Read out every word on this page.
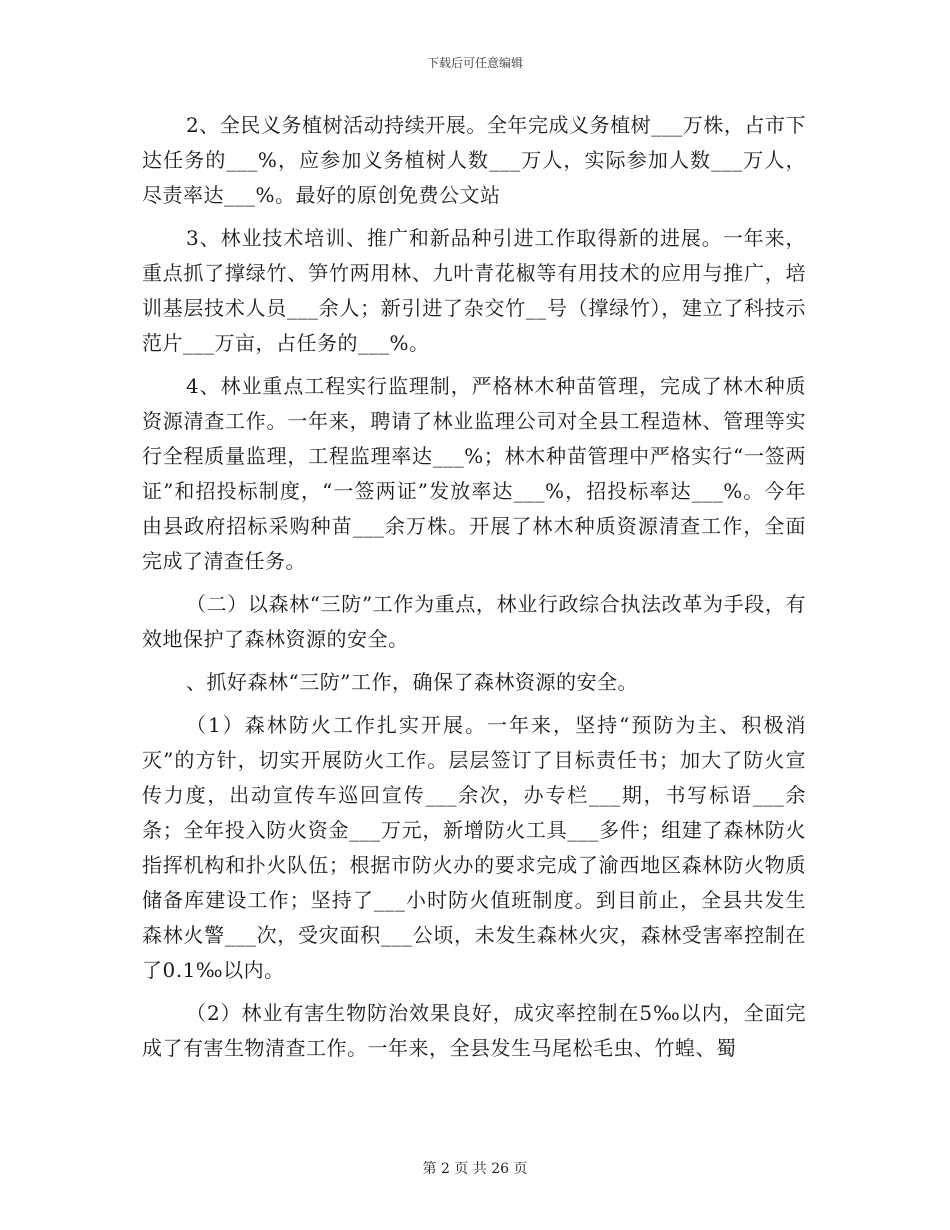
下载后可任意编辑

2、全民义务植树活动持续开展。全年完成义务植树___万株，占市下达任务的___%，应参加义务植树人数___万人，实际参加人数___万人，尽责率达___%。最好的原创免费公文站

3、林业技术培训、推广和新品种引进工作取得新的进展。一年来，重点抓了撑绿竹、笋竹两用林、九叶青花椒等有用技术的应用与推广，培训基层技术人员___余人；新引进了杂交竹__号（撑绿竹），建立了科技示范片___万亩，占任务的___%。

4、林业重点工程实行监理制，严格林木种苗管理，完成了林木种质资源清查工作。一年来，聘请了林业监理公司对全县工程造林、管理等实行全程质量监理，工程监理率达___%；林木种苗管理中严格实行“一签两证”和招投标制度，“一签两证”发放率达___%，招投标率达___%。今年由县政府招标采购种苗___余万株。开展了林木种质资源清查工作，全面完成了清查任务。

（二）以森林“三防”工作为重点，林业行政综合执法改革为手段，有效地保护了森林资源的安全。

、抓好森林“三防”工作，确保了森林资源的安全。

（1）森林防火工作扎实开展。一年来，坚持“预防为主、积极消灭”的方针，切实开展防火工作。层层签订了目标责任书；加大了防火宣传力度，出动宣传车巡回宣传___余次，办专栏___期，书写标语___余条；全年投入防火资金___万元，新增防火工具___多件；组建了森林防火指挥机构和扑火队伍；根据市防火办的要求完成了渝西地区森林防火物质储备库建设工作；坚持了___小时防火值班制度。到目前止，全县共发生森林火警___次，受灾面积___公顷，未发生森林火灾，森林受害率控制在了0.1‰以内。

（2）林业有害生物防治效果良好，成灾率控制在5‰以内，全面完成了有害生物清查工作。一年来，全县发生马尾松毛虫、竹蝗、蜀

第 2 页 共 26 页
